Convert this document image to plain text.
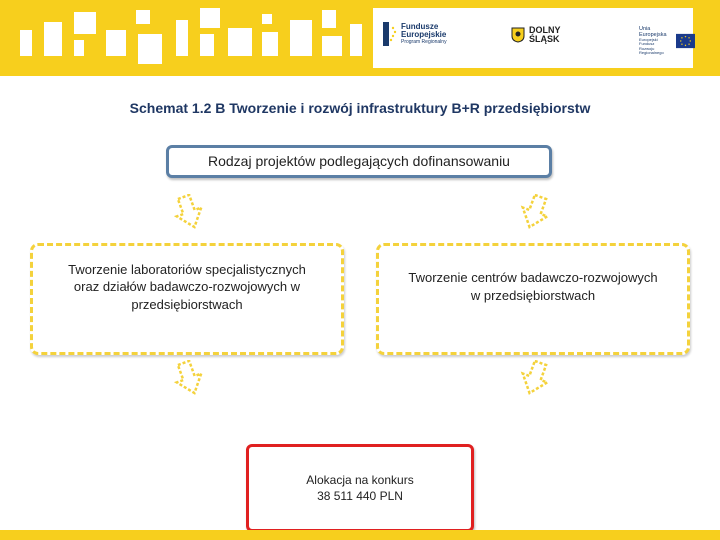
Fundusze
Europejskie
Program Regionalny
DOLNY
ŚLĄSK
Unia Europejska
Europejski Fundusz
Rozwoju Regionalnego
Schemat 1.2 B Tworzenie i rozwój infrastruktury B+R przedsiębiorstw
Rodzaj projektów podlegających dofinansowaniu
Tworzenie laboratoriów specjalistycznych
oraz działów badawczo-rozwojowych w
przedsiębiorstwach
Tworzenie centrów badawczo-rozwojowych
w przedsiębiorstwach
Alokacja na konkurs
38 511 440 PLN
